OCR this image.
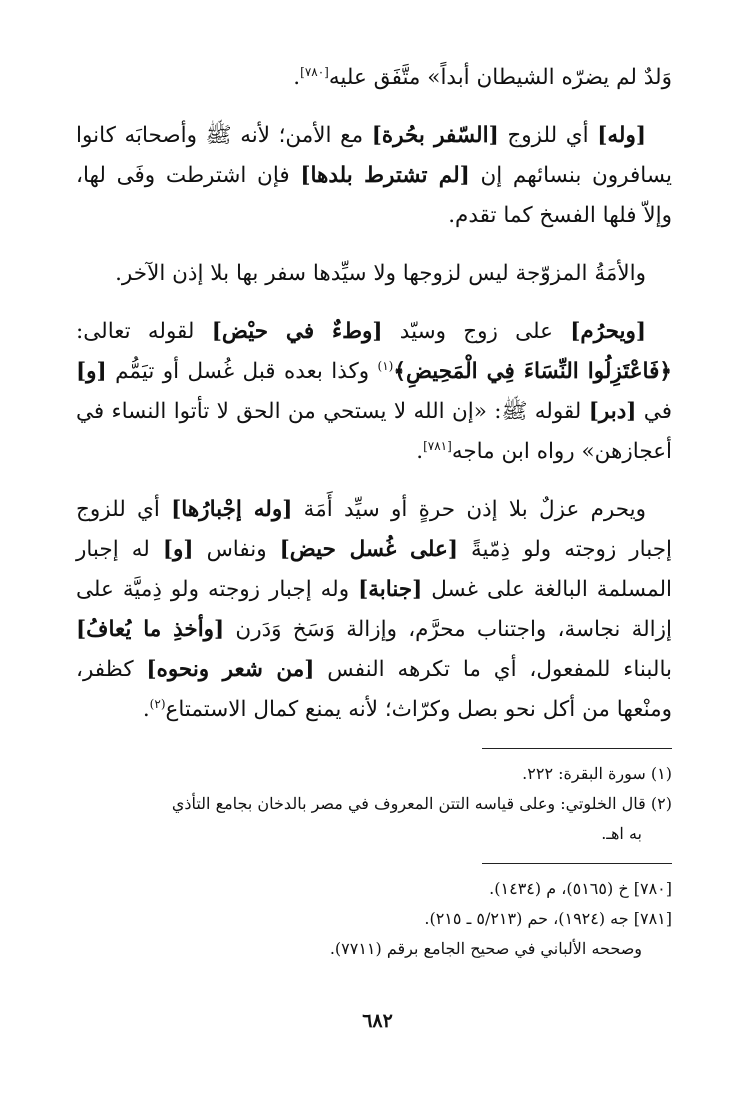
وَلدٌ لم يضرّه الشيطان أبداً» متَّفَق عليه[٧٨٠].

[وله] أي للزوج [السّفر بحُرة] مع الأمن؛ لأنه ﷺ وأصحابَه كانوا يسافرون بنسائهم إن [لم تشترط بلدها] فإن اشترطت وفَى لها، وإلاّ فلها الفسخ كما تقدم.

والأمَةُ المزوّجة ليس لزوجها ولا سيِّدها سفر بها بلا إذن الآخر.

[ويحرُم] على زوج وسيّد [وطءٌ في حيْض] لقوله تعالى: ﴿فَاعْتَزِلُوا النِّسَاءَ فِي الْمَحِيضِ﴾$^{(١)}$ وكذا بعده قبل غُسل أو تيَمُّم [و] في [دبر] لقوله ﷺ: «إن الله لا يستحي من الحق لا تأتوا النساء في أعجازهن» رواه ابن ماجه[٧٨١].

ويحرم عزلٌ بلا إذن حرةٍ أو سيِّد أَمَة [وله إجْبارُها] أي للزوج إجبار زوجته ولو ذِمّيةً [على غُسل حيض] ونفاس [و] له إجبار المسلمة البالغة على غسل [جنابة] وله إجبار زوجته ولو ذِميَّة على إزالة نجاسة، واجتناب محرَّم، وإزالة وَسَخ وَدَرن [وأخذِ ما يُعافُ] بالبناء للمفعول، أي ما تكرهه النفس [من شعر ونحوه] كظفر، ومنْعها من أكل نحو بصل وكرّاث؛ لأنه يمنع كمال الاستمتاع$^{(٢)}$.

(١) سورة البقرة: ٢٢٢.

(٢) قال الخلوتي: وعلى قياسه التتن المعروف في مصر بالدخان بجامع التأذي

به اهـ.

[٧٨٠] خ (٥١٦٥)، م (١٤٣٤).

[٧٨١] جه (١٩٢٤)، حم (٥/٢١٣ ـ ٢١٥).

وصححه الألباني في صحيح الجامع برقم (٧٧١١).

٦٨٢
